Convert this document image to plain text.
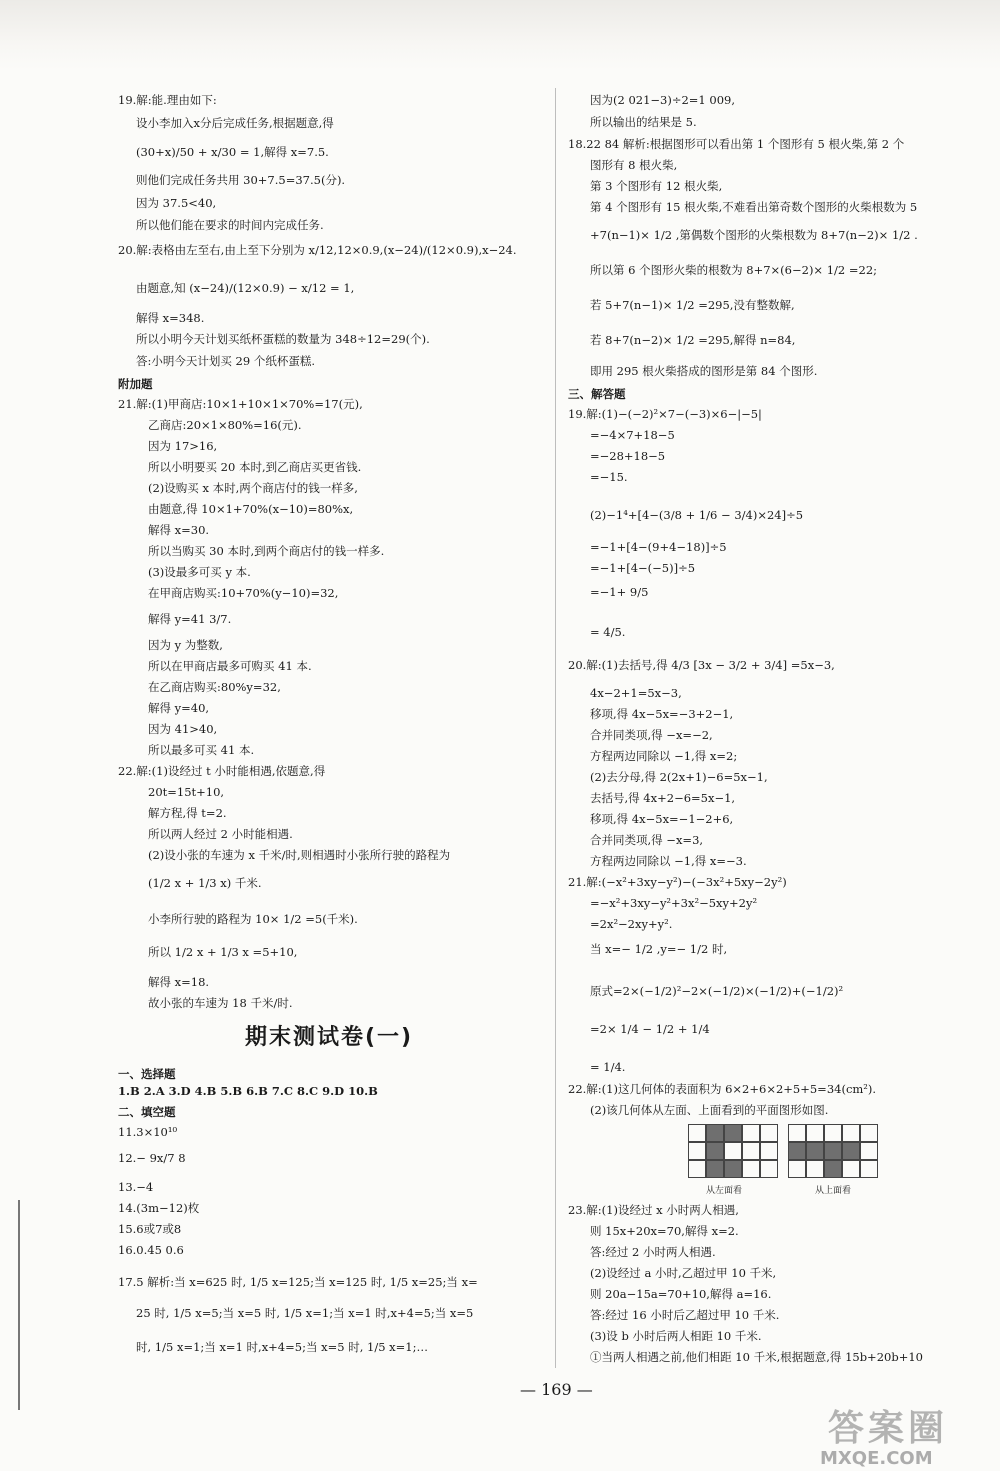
19.解:能.理由如下:
设小李加入x分后完成任务,根据题意,得
(30+x)/50 + x/30 = 1,解得 x=7.5.
则他们完成任务共用 30+7.5=37.5(分).
因为 37.5<40,
所以他们能在要求的时间内完成任务.
20.解:表格由左至右,由上至下分别为 x/12,12×0.9,(x−24)/(12×0.9),x−24.
由题意,知 (x−24)/(12×0.9) − x/12 = 1,
解得 x=348.
所以小明今天计划买纸杯蛋糕的数量为 348÷12=29(个).
答:小明今天计划买 29 个纸杯蛋糕.
附加题
21.解:(1)甲商店:10×1+10×1×70%=17(元),
乙商店:20×1×80%=16(元).
因为 17>16,
所以小明要买 20 本时,到乙商店买更省钱.
(2)设购买 x 本时,两个商店付的钱一样多,
由题意,得 10×1+70%(x−10)=80%x,
解得 x=30.
所以当购买 30 本时,到两个商店付的钱一样多.
(3)设最多可买 y 本.
在甲商店购买:10+70%(y−10)=32,
解得 y=41 3/7.
因为 y 为整数,
所以在甲商店最多可购买 41 本.
在乙商店购买:80%y=32,
解得 y=40,
因为 41>40,
所以最多可买 41 本.
22.解:(1)设经过 t 小时能相遇,依题意,得
20t=15t+10,
解方程,得 t=2.
所以两人经过 2 小时能相遇.
(2)设小张的车速为 x 千米/时,则相遇时小张所行驶的路程为
(1/2 x + 1/3 x) 千米.
小李所行驶的路程为 10× 1/2 =5(千米).
所以 1/2 x + 1/3 x =5+10,
解得 x=18.
故小张的车速为 18 千米/时.
期末测试卷(一)
一、选择题
1.B 2.A 3.D 4.B 5.B 6.B 7.C 8.C 9.D 10.B
二、填空题
11.3×10¹⁰
12.− 9x/7 8
13.−4
14.(3m−12)枚
15.6或7或8
16.0.45 0.6
17.5 解析:当 x=625 时, 1/5 x=125;当 x=125 时, 1/5 x=25;当 x=
25 时, 1/5 x=5;当 x=5 时, 1/5 x=1;当 x=1 时,x+4=5;当 x=5
时, 1/5 x=1;当 x=1 时,x+4=5;当 x=5 时, 1/5 x=1;…
因为(2 021−3)÷2=1 009,
所以输出的结果是 5.
18.22 84 解析:根据图形可以看出第 1 个图形有 5 根火柴,第 2 个
图形有 8 根火柴,
第 3 个图形有 12 根火柴,
第 4 个图形有 15 根火柴,不难看出第奇数个图形的火柴根数为 5
+7(n−1)× 1/2 ,第偶数个图形的火柴根数为 8+7(n−2)× 1/2 .
所以第 6 个图形火柴的根数为 8+7×(6−2)× 1/2 =22;
若 5+7(n−1)× 1/2 =295,没有整数解,
若 8+7(n−2)× 1/2 =295,解得 n=84,
即用 295 根火柴搭成的图形是第 84 个图形.
三、解答题
19.解:(1)−(−2)²×7−(−3)×6−|−5|
=−4×7+18−5
=−28+18−5
=−15.
(2)−1⁴+[4−(3/8 + 1/6 − 3/4)×24]÷5
=−1+[4−(9+4−18)]÷5
=−1+[4−(−5)]÷5
=−1+ 9/5
= 4/5.
20.解:(1)去括号,得 4/3 [3x − 3/2 + 3/4] =5x−3,
4x−2+1=5x−3,
移项,得 4x−5x=−3+2−1,
合并同类项,得 −x=−2,
方程两边同除以 −1,得 x=2;
(2)去分母,得 2(2x+1)−6=5x−1,
去括号,得 4x+2−6=5x−1,
移项,得 4x−5x=−1−2+6,
合并同类项,得 −x=3,
方程两边同除以 −1,得 x=−3.
21.解:(−x²+3xy−y²)−(−3x²+5xy−2y²)
=−x²+3xy−y²+3x²−5xy+2y²
=2x²−2xy+y².
当 x=− 1/2 ,y=− 1/2 时,
原式=2×(−1/2)²−2×(−1/2)×(−1/2)+(−1/2)²
=2× 1/4 − 1/2 + 1/4
= 1/4.
22.解:(1)这几何体的表面积为 6×2+6×2+5+5=34(cm²).
(2)该几何体从左面、上面看到的平面图形如图.
从左面看	从上面看
23.解:(1)设经过 x 小时两人相遇,
则 15x+20x=70,解得 x=2.
答:经过 2 小时两人相遇.
(2)设经过 a 小时,乙超过甲 10 千米,
则 20a−15a=70+10,解得 a=16.
答:经过 16 小时后乙超过甲 10 千米.
(3)设 b 小时后两人相距 10 千米.
①当两人相遇之前,他们相距 10 千米,根据题意,得 15b+20b+10
— 169 —
答案圈
MXQE.COM
